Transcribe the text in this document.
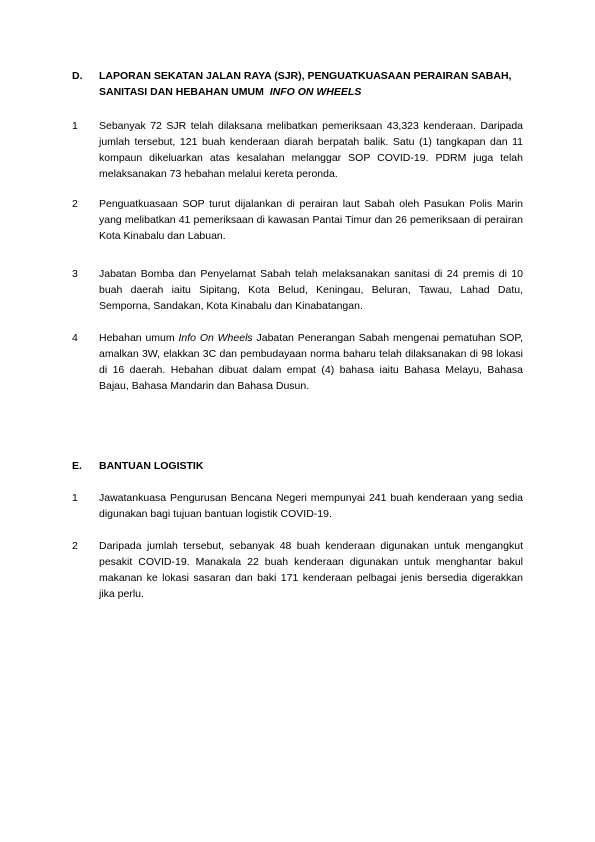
D. LAPORAN SEKATAN JALAN RAYA (SJR), PENGUATKUASAAN PERAIRAN SABAH, SANITASI DAN HEBAHAN UMUM INFO ON WHEELS
1 Sebanyak 72 SJR telah dilaksana melibatkan pemeriksaan 43,323 kenderaan. Daripada jumlah tersebut, 121 buah kenderaan diarah berpatah balik. Satu (1) tangkapan dan 11 kompaun dikeluarkan atas kesalahan melanggar SOP COVID-19. PDRM juga telah melaksanakan 73 hebahan melalui kereta peronda.
2 Penguatkuasaan SOP turut dijalankan di perairan laut Sabah oleh Pasukan Polis Marin yang melibatkan 41 pemeriksaan di kawasan Pantai Timur dan 26 pemeriksaan di perairan Kota Kinabalu dan Labuan.
3 Jabatan Bomba dan Penyelamat Sabah telah melaksanakan sanitasi di 24 premis di 10 buah daerah iaitu Sipitang, Kota Belud, Keningau, Beluran, Tawau, Lahad Datu, Semporna, Sandakan, Kota Kinabalu dan Kinabatangan.
4 Hebahan umum Info On Wheels Jabatan Penerangan Sabah mengenai pematuhan SOP, amalkan 3W, elakkan 3C dan pembudayaan norma baharu telah dilaksanakan di 98 lokasi di 16 daerah. Hebahan dibuat dalam empat (4) bahasa iaitu Bahasa Melayu, Bahasa Bajau, Bahasa Mandarin dan Bahasa Dusun.
E. BANTUAN LOGISTIK
1 Jawatankuasa Pengurusan Bencana Negeri mempunyai 241 buah kenderaan yang sedia digunakan bagi tujuan bantuan logistik COVID-19.
2 Daripada jumlah tersebut, sebanyak 48 buah kenderaan digunakan untuk mengangkut pesakit COVID-19. Manakala 22 buah kenderaan digunakan untuk menghantar bakul makanan ke lokasi sasaran dan baki 171 kenderaan pelbagai jenis bersedia digerakkan jika perlu.
